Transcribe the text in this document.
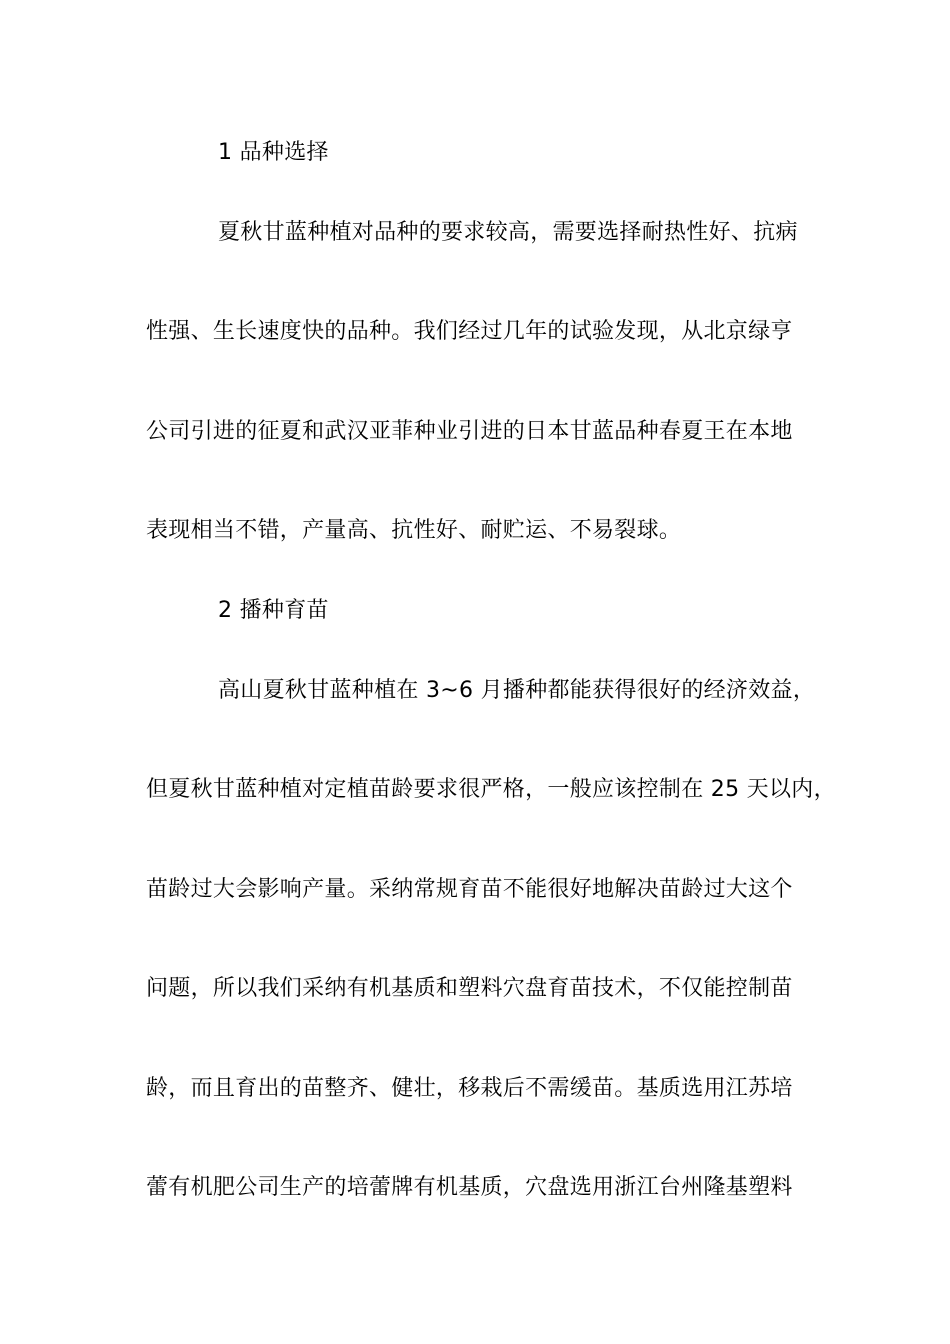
1 品种选择
夏秋甘蓝种植对品种的要求较高，需要选择耐热性好、抗病
性强、生长速度快的品种。我们经过几年的试验发现，从北京绿亨
公司引进的征夏和武汉亚菲种业引进的日本甘蓝品种春夏王在本地
表现相当不错，产量高、抗性好、耐贮运、不易裂球。
2 播种育苗
高山夏秋甘蓝种植在 3~6 月播种都能获得很好的经济效益，
但夏秋甘蓝种植对定植苗龄要求很严格，一般应该控制在 25 天以内，
苗龄过大会影响产量。采纳常规育苗不能很好地解决苗龄过大这个
问题，所以我们采纳有机基质和塑料穴盘育苗技术，不仅能控制苗
龄，而且育出的苗整齐、健壮，移栽后不需缓苗。基质选用江苏培
蕾有机肥公司生产的培蕾牌有机基质，穴盘选用浙江台州隆基塑料
